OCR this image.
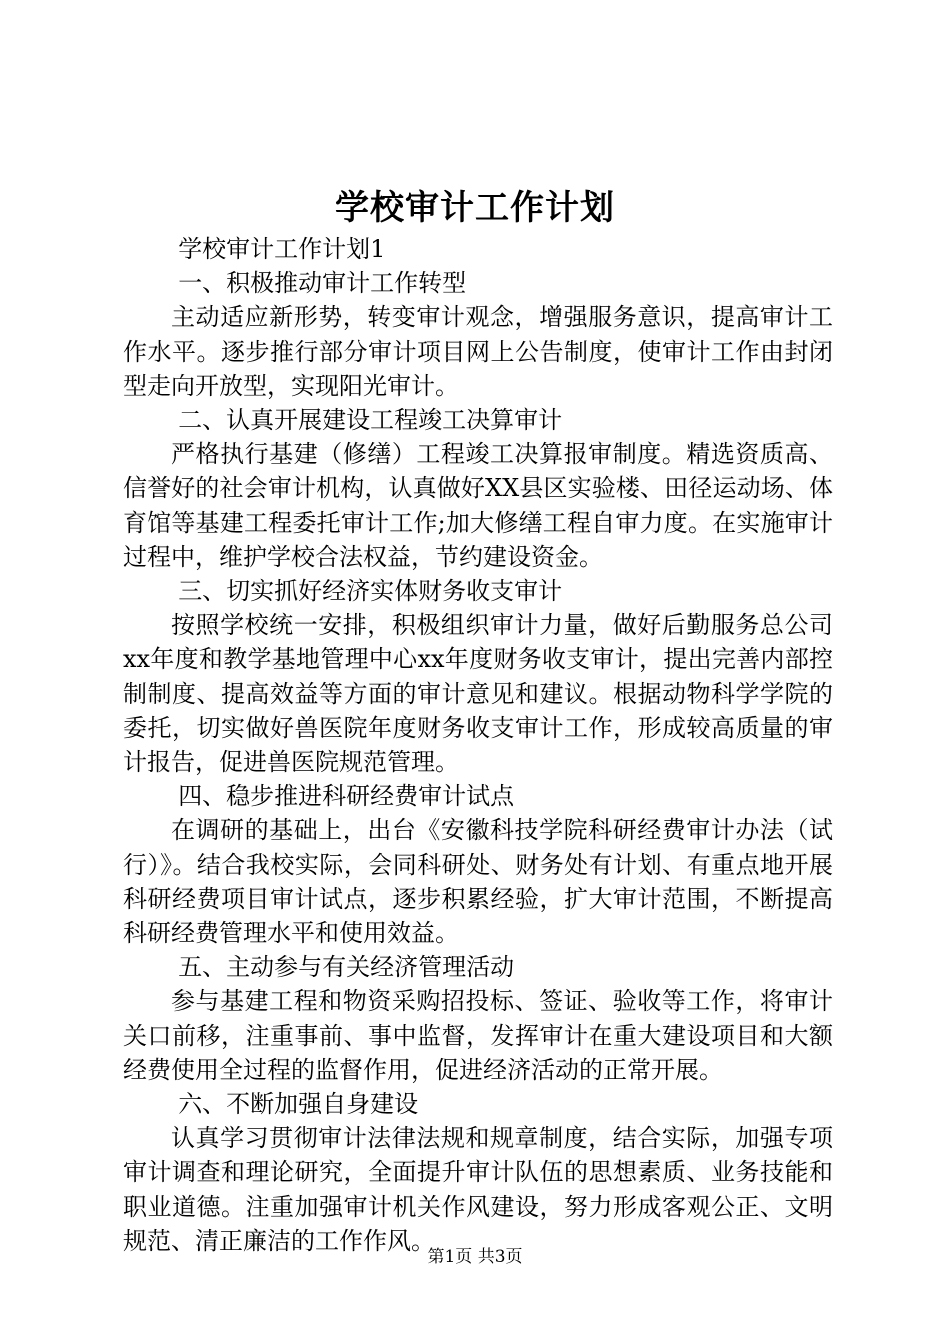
学校审计工作计划

学校审计工作计划1

一、积极推动审计工作转型

主动适应新形势，转变审计观念，增强服务意识，提高审计工作水平。逐步推行部分审计项目网上公告制度，使审计工作由封闭型走向开放型，实现阳光审计。

二、认真开展建设工程竣工决算审计

严格执行基建（修缮）工程竣工决算报审制度。精选资质高、信誉好的社会审计机构，认真做好XX县区实验楼、田径运动场、体育馆等基建工程委托审计工作;加大修缮工程自审力度。在实施审计过程中，维护学校合法权益，节约建设资金。

三、切实抓好经济实体财务收支审计

按照学校统一安排，积极组织审计力量，做好后勤服务总公司xx年度和教学基地管理中心xx年度财务收支审计，提出完善内部控制制度、提高效益等方面的审计意见和建议。根据动物科学学院的委托，切实做好兽医院年度财务收支审计工作，形成较高质量的审计报告，促进兽医院规范管理。

四、稳步推进科研经费审计试点

在调研的基础上，出台《安徽科技学院科研经费审计办法（试行）》。结合我校实际，会同科研处、财务处有计划、有重点地开展科研经费项目审计试点，逐步积累经验，扩大审计范围，不断提高科研经费管理水平和使用效益。

五、主动参与有关经济管理活动

参与基建工程和物资采购招投标、签证、验收等工作，将审计关口前移，注重事前、事中监督，发挥审计在重大建设项目和大额经费使用全过程的监督作用，促进经济活动的正常开展。

六、不断加强自身建设

认真学习贯彻审计法律法规和规章制度，结合实际，加强专项审计调查和理论研究，全面提升审计队伍的思想素质、业务技能和职业道德。注重加强审计机关作风建设，努力形成客观公正、文明规范、清正廉洁的工作作风。

第1页 共3页
